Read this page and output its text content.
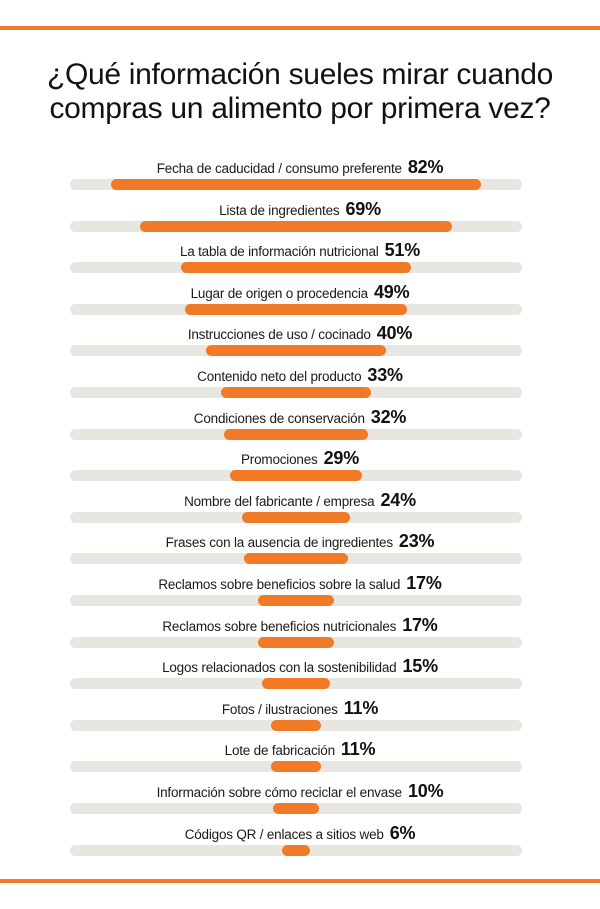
¿Qué información sueles mirar cuando
compras un alimento por primera vez?
Fecha de caducidad / consumo preferente 82%
Lista de ingredientes 69%
La tabla de información nutricional 51%
Lugar de origen o procedencia 49%
Instrucciones de uso / cocinado 40%
Contenido neto del producto 33%
Condiciones de conservación 32%
Promociones 29%
Nombre del fabricante / empresa 24%
Frases con la ausencia de ingredientes 23%
Reclamos sobre beneficios sobre la salud 17%
Reclamos sobre beneficios nutricionales 17%
Logos relacionados con la sostenibilidad 15%
Fotos / ilustraciones 11%
Lote de fabricación 11%
Información sobre cómo reciclar el envase 10%
Códigos QR / enlaces a sitios web 6%
